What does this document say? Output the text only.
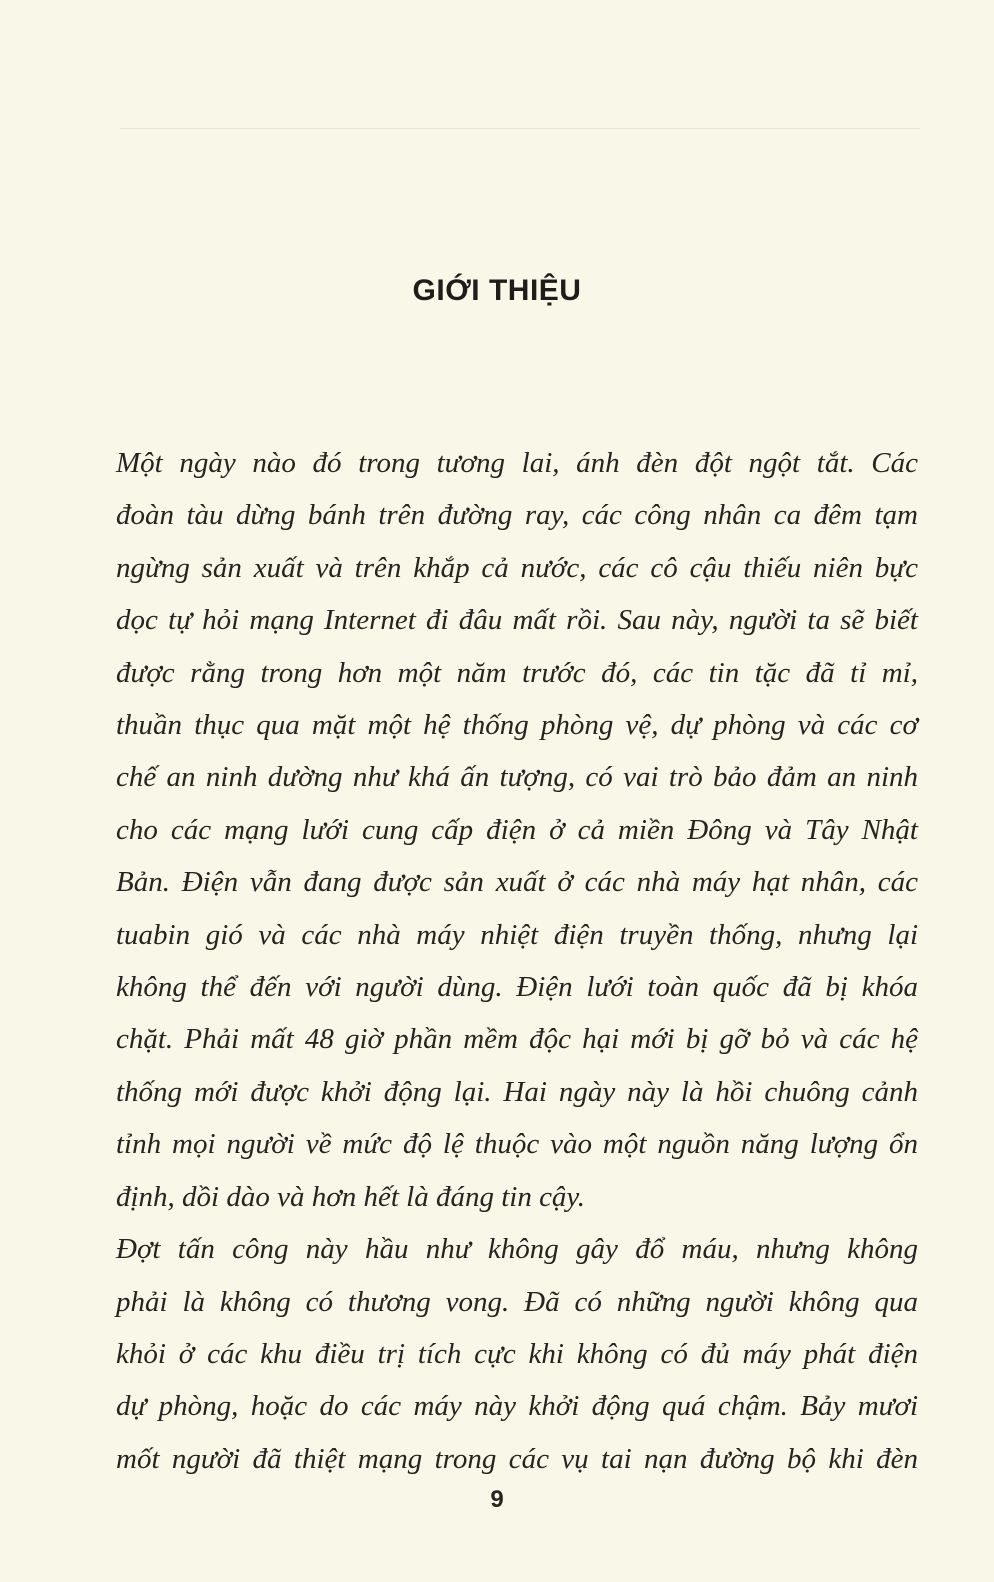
GIỚI THIỆU

Một ngày nào đó trong tương lai, ánh đèn đột ngột tắt. Các
đoàn tàu dừng bánh trên đường ray, các công nhân ca đêm tạm
ngừng sản xuất và trên khắp cả nước, các cô cậu thiếu niên bực
dọc tự hỏi mạng Internet đi đâu mất rồi. Sau này, người ta sẽ biết
được rằng trong hơn một năm trước đó, các tin tặc đã tỉ mỉ,
thuần thục qua mặt một hệ thống phòng vệ, dự phòng và các cơ
chế an ninh dường như khá ấn tượng, có vai trò bảo đảm an ninh
cho các mạng lưới cung cấp điện ở cả miền Đông và Tây Nhật
Bản. Điện vẫn đang được sản xuất ở các nhà máy hạt nhân, các
tuabin gió và các nhà máy nhiệt điện truyền thống, nhưng lại
không thể đến với người dùng. Điện lưới toàn quốc đã bị khóa
chặt. Phải mất 48 giờ phần mềm độc hại mới bị gỡ bỏ và các hệ
thống mới được khởi động lại. Hai ngày này là hồi chuông cảnh
tỉnh mọi người về mức độ lệ thuộc vào một nguồn năng lượng ổn
định, dồi dào và hơn hết là đáng tin cậy.

Đợt tấn công này hầu như không gây đổ máu, nhưng không
phải là không có thương vong. Đã có những người không qua
khỏi ở các khu điều trị tích cực khi không có đủ máy phát điện
dự phòng, hoặc do các máy này khởi động quá chậm. Bảy mươi
mốt người đã thiệt mạng trong các vụ tai nạn đường bộ khi đèn

9
